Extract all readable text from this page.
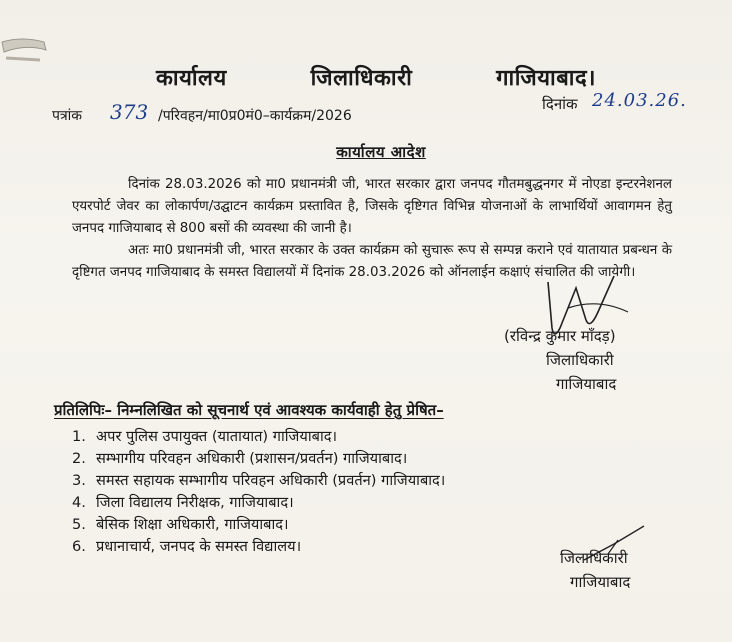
कार्यालय	जिलाधिकारी	गाजियाबाद।
पत्रांक 373 /परिवहन/मा0प्र0मं0–कार्यक्रम/2026
दिनांक 24.03.26.
कार्यालय आदेश

दिनांक 28.03.2026 को मा0 प्रधानमंत्री जी, भारत सरकार द्वारा जनपद गौतमबुद्धनगर में नोएडा इन्टरनेशनल एयरपोर्ट जेवर का लोकार्पण/उद्घाटन कार्यक्रम प्रस्तावित है, जिसके दृष्टिगत विभिन्न योजनाओं के लाभार्थियों आवागमन हेतु जनपद गाजियाबाद से 800 बसों की व्यवस्था की जानी है।

अतः मा0 प्रधानमंत्री जी, भारत सरकार के उक्त कार्यक्रम को सुचारू रूप से सम्पन्न कराने एवं यातायात प्रबन्धन के दृष्टिगत जनपद गाजियाबाद के समस्त विद्यालयों में दिनांक 28.03.2026 को ऑनलाईन कक्षाएं संचालित की जायेगी।

(रविन्द्र कुमार माँदड़)
जिलाधिकारी
गाजियाबाद
प्रतिलिपिः– निम्नलिखित को सूचनार्थ एवं आवश्यक कार्यवाही हेतु प्रेषित–
1. अपर पुलिस उपायुक्त (यातायात) गाजियाबाद।
2. सम्भागीय परिवहन अधिकारी (प्रशासन/प्रवर्तन) गाजियाबाद।
3. समस्त सहायक सम्भागीय परिवहन अधिकारी (प्रवर्तन) गाजियाबाद।
4. जिला विद्यालय निरीक्षक, गाजियाबाद।
5. बेसिक शिक्षा अधिकारी, गाजियाबाद।
6. प्रधानाचार्य, जनपद के समस्त विद्यालय।
जिलाधिकारी
गाजियाबाद
